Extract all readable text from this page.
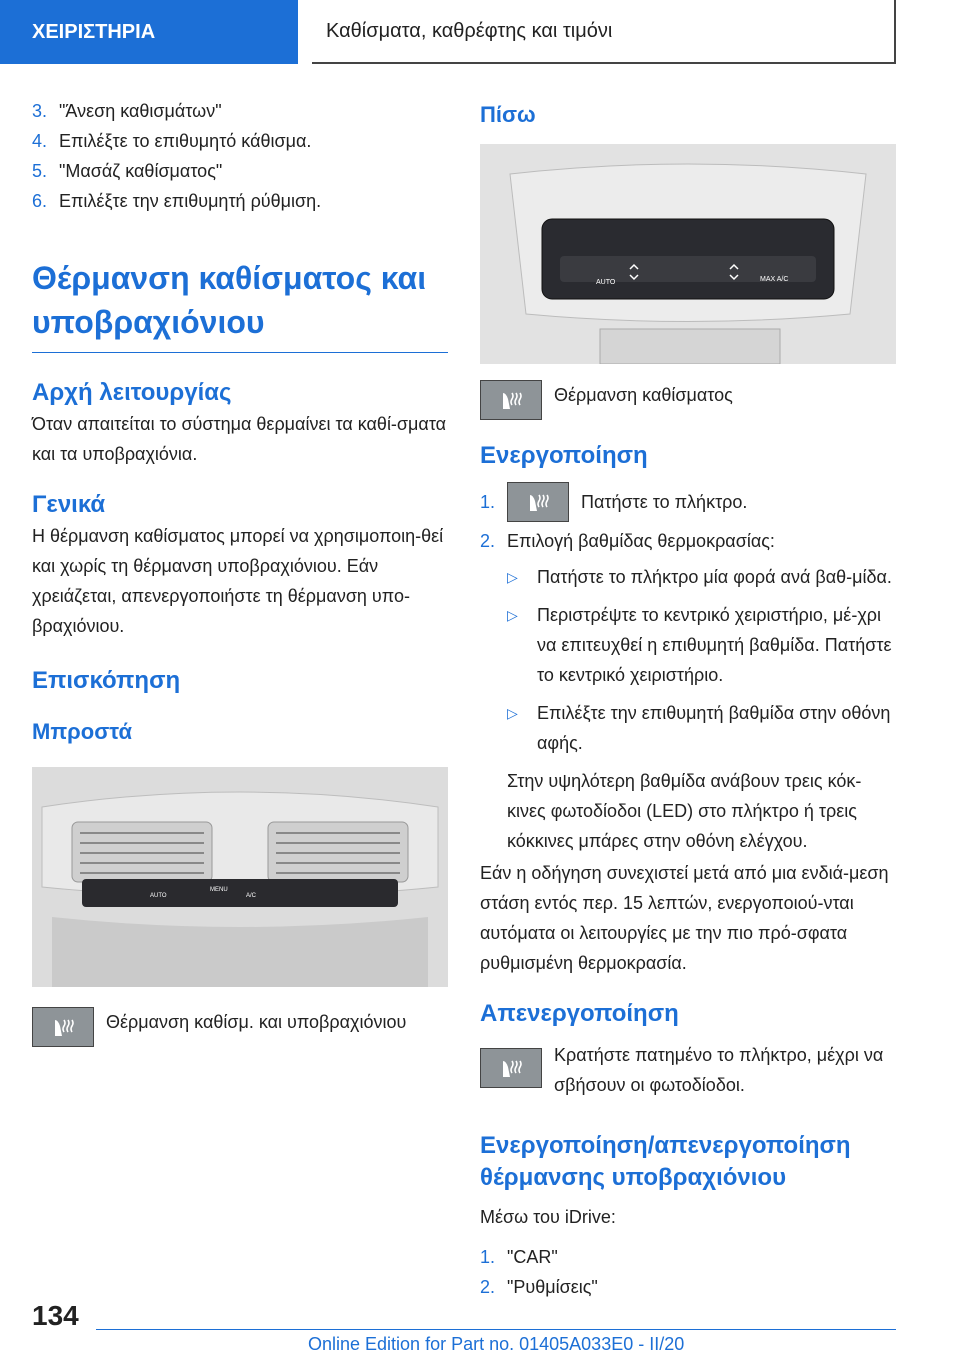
ΧΕΙΡΙΣΤΗΡΙΑ	Καθίσματα, καθρέφτης και τιμόνι
3. "Άνεση καθισμάτων"
4. Επιλέξτε το επιθυμητό κάθισμα.
5. "Μασάζ καθίσματος"
6. Επιλέξτε την επιθυμητή ρύθμιση.
Θέρμανση καθίσματος και υποβραχιόνιου
Αρχή λειτουργίας

Όταν απαιτείται το σύστημα θερμαίνει τα καθί-σματα και τα υποβραχιόνια.

Γενικά

Η θέρμανση καθίσματος μπορεί να χρησιμοποιη-θεί και χωρίς τη θέρμανση υποβραχιόνιου. Εάν χρειάζεται, απενεργοποιήστε τη θέρμανση υπο-βραχιόνιου.

Επισκόπηση
Μπροστά
AUTO
MENU
A/C

Θέρμανση καθίσμ. και υποβραχιόνιου

Πίσω
AUTO	MAX A/C

Θέρμανση καθίσματος

Ενεργοποίηση
1.	Πατήστε το πλήκτρο.
2. Επιλογή βαθμίδας θερμοκρασίας:
▷	Πατήστε το πλήκτρο μία φορά ανά βαθ-μίδα.
▷	Περιστρέψτε το κεντρικό χειριστήριο, μέ-χρι να επιτευχθεί η επιθυμητή βαθμίδα. Πατήστε το κεντρικό χειριστήριο.
▷	Επιλέξτε την επιθυμητή βαθμίδα στην οθόνη αφής.

Στην υψηλότερη βαθμίδα ανάβουν τρεις κόκ-κινες φωτοδίοδοι (LED) στο πλήκτρο ή τρεις κόκκινες μπάρες στην οθόνη ελέγχου.

Εάν η οδήγηση συνεχιστεί μετά από μια ενδιά-μεση στάση εντός περ. 15 λεπτών, ενεργοποιού-νται αυτόματα οι λειτουργίες με την πιο πρό-σφατα ρυθμισμένη θερμοκρασία.

Απενεργοποίηση

Κρατήστε πατημένο το πλήκτρο, μέχρι να σβήσουν οι φωτοδίοδοι.

Ενεργοποίηση/απενεργοποίηση θέρμανσης υποβραχιόνιου

Μέσω του iDrive:

1. "CAR"
2. "Ρυθμίσεις"
134
Online Edition for Part no. 01405A033E0 - II/20
